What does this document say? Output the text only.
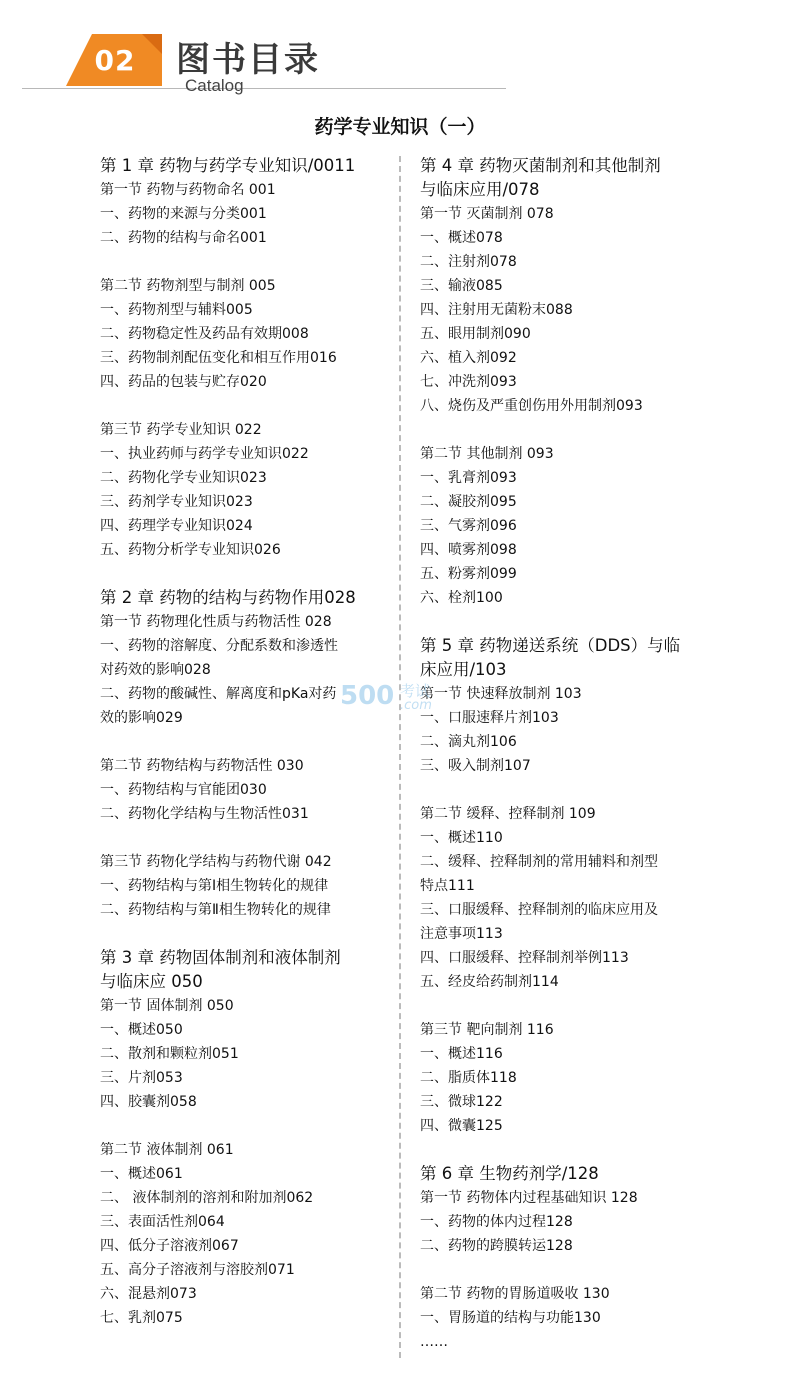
02 图书目录
Catalog
药学专业知识（一）
第 1 章 药物与药学专业知识/0011
第一节 药物与药物命名 001
一、药物的来源与分类001
二、药物的结构与命名001
第二节 药物剂型与制剂 005
一、药物剂型与辅料005
二、药物稳定性及药品有效期008
三、药物制剂配伍变化和相互作用016
四、药品的包装与贮存020
第三节 药学专业知识 022
一、执业药师与药学专业知识022
二、药物化学专业知识023
三、药剂学专业知识023
四、药理学专业知识024
五、药物分析学专业知识026
第 2 章 药物的结构与药物作用028
第一节 药物理化性质与药物活性 028
一、药物的溶解度、分配系数和渗透性
对药效的影响028
二、药物的酸碱性、解离度和pKa对药
效的影响029
第二节 药物结构与药物活性 030
一、药物结构与官能团030
二、药物化学结构与生物活性031
第三节 药物化学结构与药物代谢 042
一、药物结构与第Ⅰ相生物转化的规律
二、药物结构与第Ⅱ相生物转化的规律
第 3 章 药物固体制剂和液体制剂
与临床应 050
第一节 固体制剂 050
一、概述050
二、散剂和颗粒剂051
三、片剂053
四、胶囊剂058
第二节 液体制剂 061
一、概述061
二、 液体制剂的溶剂和附加剂062
三、表面活性剂064
四、低分子溶液剂067
五、高分子溶液剂与溶胶剂071
六、混悬剂073
七、乳剂075
第 4 章 药物灭菌制剂和其他制剂
与临床应用/078
第一节 灭菌制剂 078
一、概述078
二、注射剂078
三、输液085
四、注射用无菌粉末088
五、眼用制剂090
六、植入剂092
七、冲洗剂093
八、烧伤及严重创伤用外用制剂093
第二节 其他制剂 093
一、乳膏剂093
二、凝胶剂095
三、气雾剂096
四、喷雾剂098
五、粉雾剂099
六、栓剂100
第 5 章 药物递送系统（DDS）与临
床应用/103
第一节 快速释放制剂 103
一、口服速释片剂103
二、滴丸剂106
三、吸入制剂107
第二节 缓释、控释制剂 109
一、概述110
二、缓释、控释制剂的常用辅料和剂型
特点111
三、口服缓释、控释制剂的临床应用及
注意事项113
四、口服缓释、控释制剂举例113
五、经皮给药制剂114
第三节 靶向制剂 116
一、概述116
二、脂质体118
三、微球122
四、微囊125
第 6 章 生物药剂学/128
第一节 药物体内过程基础知识 128
一、药物的体内过程128
二、药物的跨膜转运128
第二节 药物的胃肠道吸收 130
一、胃肠道的结构与功能130
……
500 考试
.com
